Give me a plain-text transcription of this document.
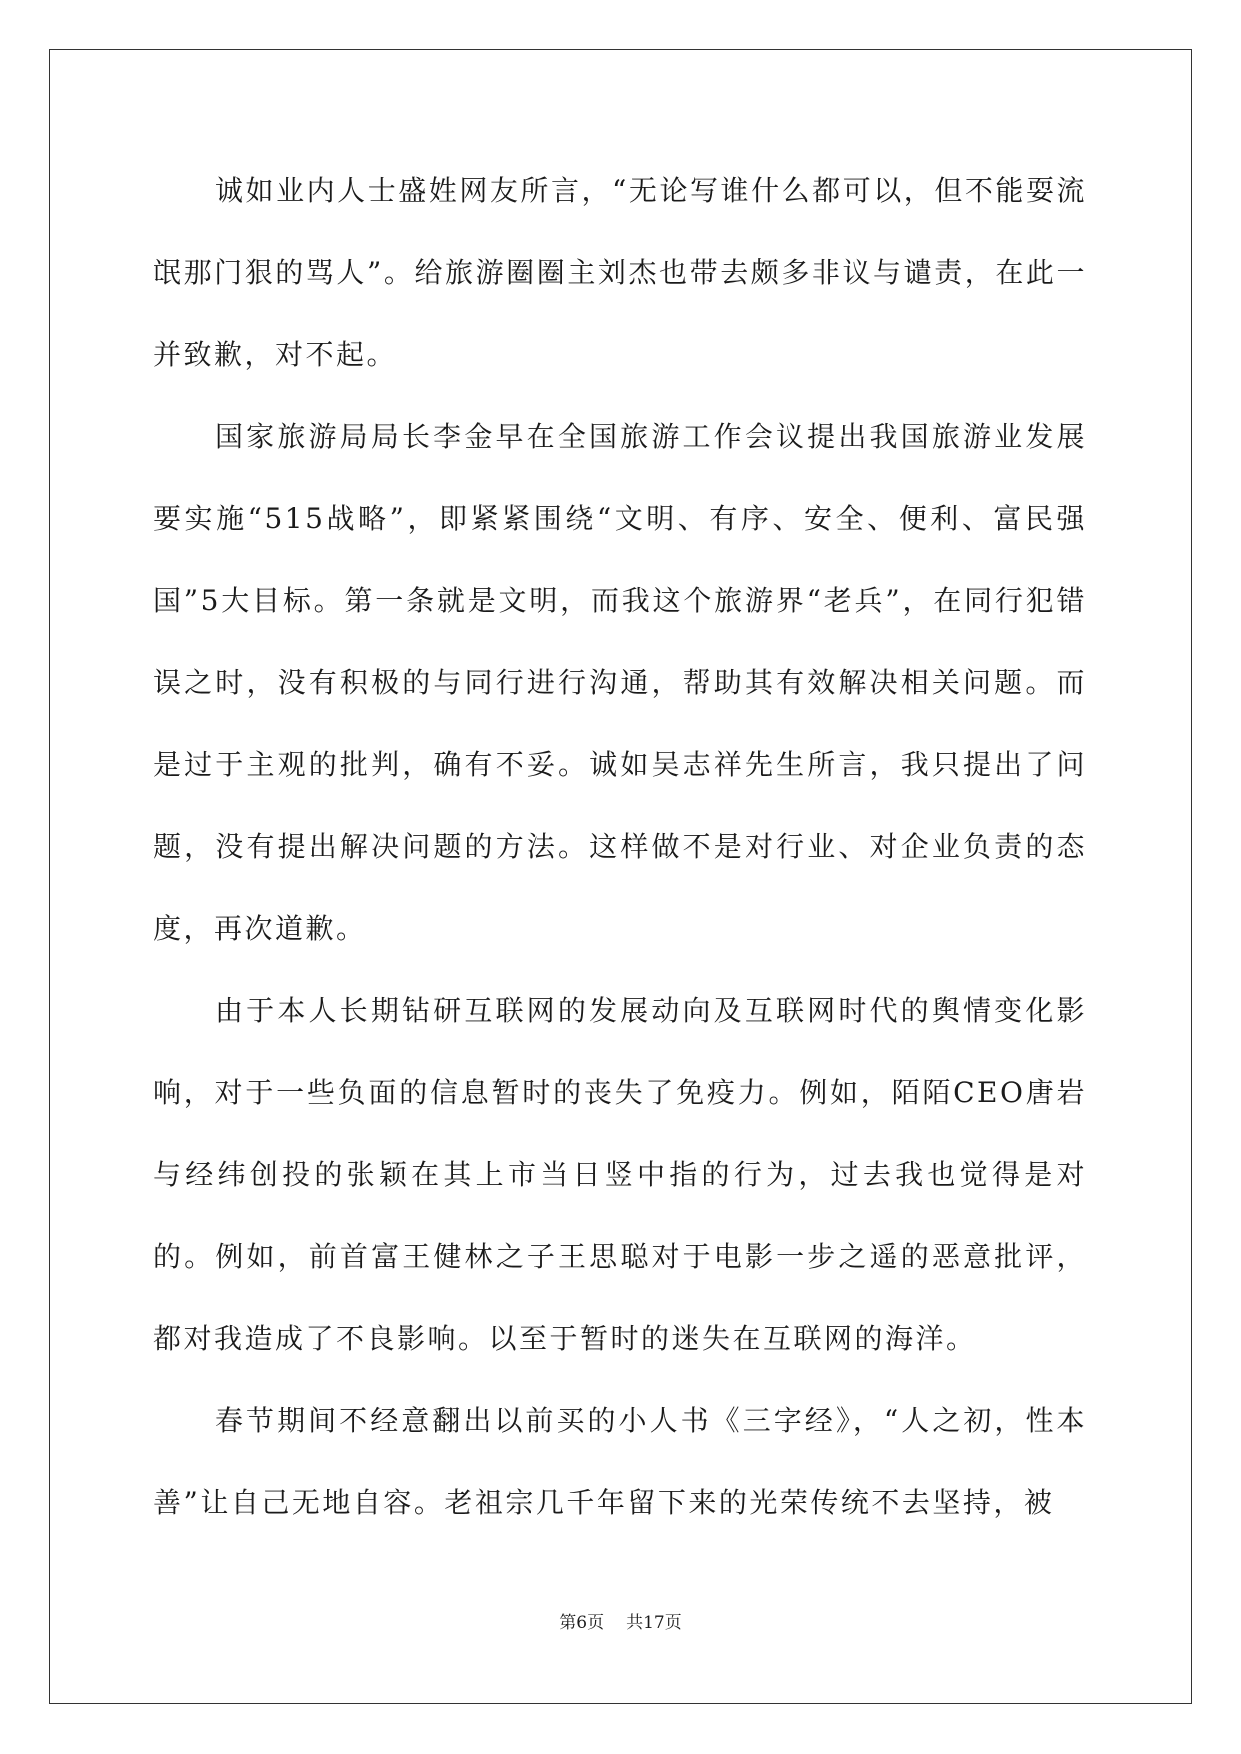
诚如业内人士盛姓网友所言，“无论写谁什么都可以，但不能耍流氓那门狠的骂人”。给旅游圈圈主刘杰也带去颇多非议与谴责，在此一并致歉，对不起。

国家旅游局局长李金早在全国旅游工作会议提出我国旅游业发展要实施“515战略”，即紧紧围绕“文明、有序、安全、便利、富民强国”5大目标。第一条就是文明，而我这个旅游界“老兵”，在同行犯错误之时，没有积极的与同行进行沟通，帮助其有效解决相关问题。而是过于主观的批判，确有不妥。诚如吴志祥先生所言，我只提出了问题，没有提出解决问题的方法。这样做不是对行业、对企业负责的态度，再次道歉。

由于本人长期钻研互联网的发展动向及互联网时代的舆情变化影响，对于一些负面的信息暂时的丧失了免疫力。例如，陌陌CEO唐岩与经纬创投的张颖在其上市当日竖中指的行为，过去我也觉得是对的。例如，前首富王健林之子王思聪对于电影一步之遥的恶意批评，都对我造成了不良影响。以至于暂时的迷失在互联网的海洋。

春节期间不经意翻出以前买的小人书《三字经》，“人之初，性本善”让自己无地自容。老祖宗几千年留下来的光荣传统不去坚持，被

第6页 共17页
